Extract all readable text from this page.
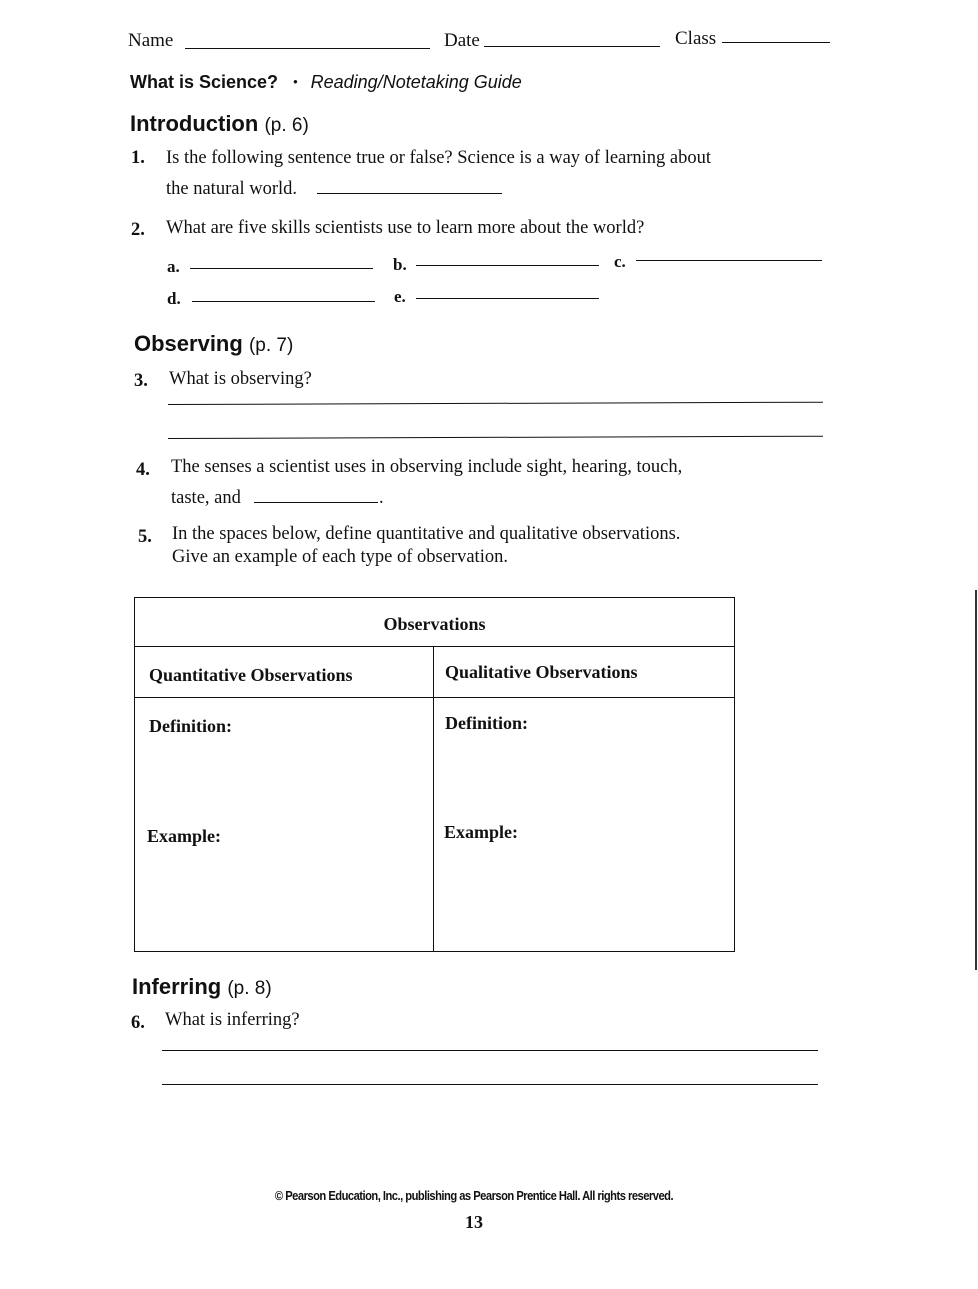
Name	Date	Class
What is Science? • Reading/Notetaking Guide
Introduction (p. 6)
1. Is the following sentence true or false? Science is a way of learning about
the natural world.
2. What are five skills scientists use to learn more about the world?
a.	b.	c.
d.	e.
Observing (p. 7)
3. What is observing?
4. The senses a scientist uses in observing include sight, hearing, touch,
taste, and	.
5. In the spaces below, define quantitative and qualitative observations.
Give an example of each type of observation.
Observations
Quantitative Observations	Qualitative Observations
Definition:	Definition:
Example:	Example:
Inferring (p. 8)
6. What is inferring?
© Pearson Education, Inc., publishing as Pearson Prentice Hall. All rights reserved.
13
